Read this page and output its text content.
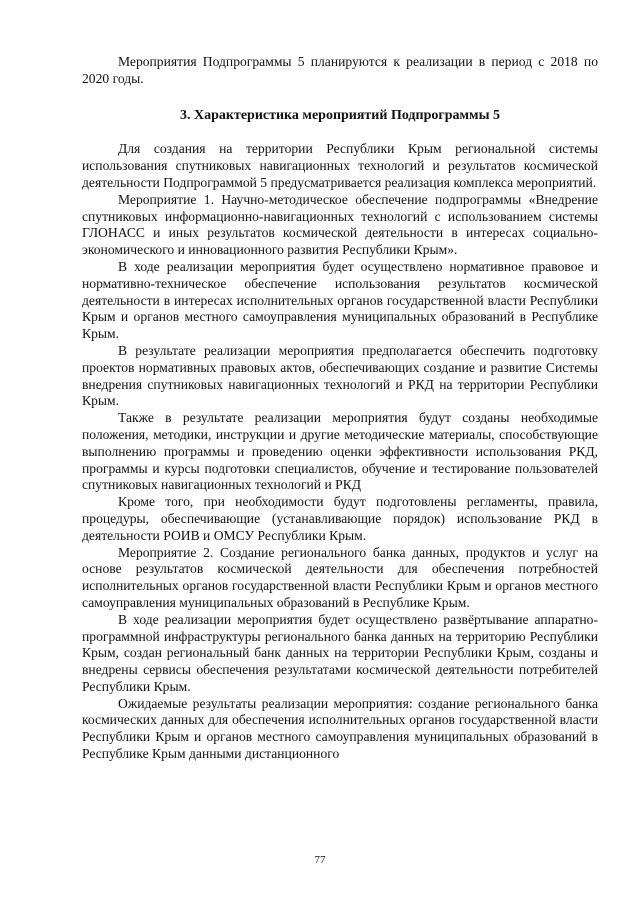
Мероприятия Подпрограммы 5 планируются к реализации в период с 2018 по 2020 годы.

3. Характеристика мероприятий Подпрограммы 5

Для создания на территории Республики Крым региональной системы использования спутниковых навигационных технологий и результатов космической деятельности Подпрограммой 5 предусматривается реализация комплекса мероприятий.

Мероприятие 1. Научно-методическое обеспечение подпрограммы «Внедрение спутниковых информационно-навигационных технологий с использованием системы ГЛОНАСС и иных результатов космической деятельности в интересах социально-экономического и инновационного развития Республики Крым».

В ходе реализации мероприятия будет осуществлено нормативное правовое и нормативно-техническое обеспечение использования результатов космической деятельности в интересах исполнительных органов государственной власти Республики Крым и органов местного самоуправления муниципальных образований в Республике Крым.

В результате реализации мероприятия предполагается обеспечить подготовку проектов нормативных правовых актов, обеспечивающих создание и развитие Системы внедрения спутниковых навигационных технологий и РКД на территории Республики Крым.

Также в результате реализации мероприятия будут созданы необходимые положения, методики, инструкции и другие методические материалы, способствующие выполнению программы и проведению оценки эффективности использования РКД, программы и курсы подготовки специалистов, обучение и тестирование пользователей спутниковых навигационных технологий и РКД

Кроме того, при необходимости будут подготовлены регламенты, правила, процедуры, обеспечивающие (устанавливающие порядок) использование РКД в деятельности РОИВ и ОМСУ Республики Крым.

Мероприятие 2. Создание регионального банка данных, продуктов и услуг на основе результатов космической деятельности для обеспечения потребностей исполнительных органов государственной власти Республики Крым и органов местного самоуправления муниципальных образований в Республике Крым.

В ходе реализации мероприятия будет осуществлено развёртывание аппаратно-программной инфраструктуры регионального банка данных на территорию Республики Крым, создан региональный банк данных на территории Республики Крым, созданы и внедрены сервисы обеспечения результатами космической деятельности потребителей Республики Крым.

Ожидаемые результаты реализации мероприятия: создание регионального банка космических данных для обеспечения исполнительных органов государственной власти Республики Крым и органов местного самоуправления муниципальных образований в Республике Крым данными дистанционного

77
